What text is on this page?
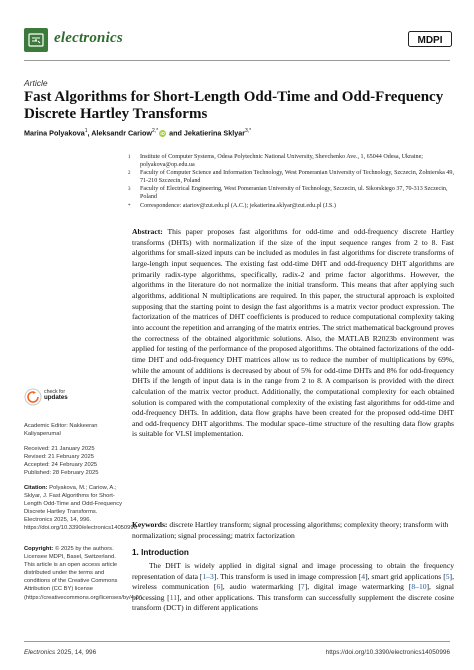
electronics	MDPI
Article
Fast Algorithms for Short-Length Odd-Time and Odd-Frequency Discrete Hartley Transforms
Marina Polyakova$^1$, Aleksandr Cariow$^{2,*}$ iD and Jekatierina Sklyar$^{3,*}$
1	Institute of Computer Systems, Odesa Polytechnic National University, Shevchenko Ave., 1, 65044 Odesa, Ukraine; polyakova@op.edu.ua
2	Faculty of Computer Science and Information Technology, West Pomeranian University of Technology, Szczecin, Żołnierska 49, 71-210 Szczecin, Poland
3	Faculty of Electrical Engineering, West Pomeranian University of Technology, Szczecin, ul. Sikorskiego 37, 70-313 Szczecin, Poland
*	Correspondence: atariov@zut.edu.pl (A.C.); jekatierina.sklyar@zut.edu.pl (J.S.)
Abstract: This paper proposes fast algorithms for odd-time and odd-frequency discrete Hartley transforms (DHTs) with normalization if the size of the input sequence ranges from 2 to 8. Fast algorithms for small-sized inputs can be included as modules in fast algorithms for discrete transforms of large-length input sequences. The existing fast odd-time DHT and odd-frequency DHT algorithms are primarily radix-type algorithms, specifically, radix-2 and prime factor algorithms. However, the algorithms in the literature do not normalize the initial transform. This means that after applying such algorithms, additional N multiplications are required. In this paper, the structural approach is exploited supposing that the starting point to design the fast algorithms is a matrix vector product expression. The factorization of the matrices of DHT coefficients is produced to reduce computational complexity taking into account the repetition and arranging of the matrix entries. The strict mathematical background proves the correctness of the obtained algorithmic solutions. Also, the MATLAB R2023b environment was applied for testing of the performance of the proposed algorithms. The obtained factorizations of the odd-time DHT and odd-frequency DHT matrices allow us to reduce the number of multiplications by 69%, while the amount of additions is decreased by about of 5% for odd-time DHTs and 8% for odd-frequency DHTs if the length of input data is in the range from 2 to 8. A comparison is provided with the direct calculation of the matrix vector product. Additionally, the computational complexity for each obtained solution is compared with the computational complexity of the existing fast algorithms for odd-time and odd-frequency DHTs. In addition, data flow graphs have been created for the proposed odd-time DHT and odd-frequency DHT algorithms. The modular space–time structure of the resulting data flow graphs is suitable for VLSI implementation.
Keywords: discrete Hartley transform; signal processing algorithms; complexity theory; transform with normalization; signal processing; matrix factorization
1. Introduction
The DHT is widely applied in digital signal and image processing to obtain the frequency representation of data [1–3]. This transform is used in image compression [4], smart grid applications [5], wireless communication [6], audio watermarking [7], digital image watermarking [8–10], signal processing [11], and other applications. This transform can successfully supplement the discrete cosine transform (DCT) in different applications
check for
updates
Academic Editor: Nakkeeran Kaliyaperumal
Received: 21 January 2025
Revised: 21 February 2025
Accepted: 24 February 2025
Published: 28 February 2025
Citation: Polyakova, M.; Cariow, A.; Sklyar, J. Fast Algorithms for Short-Length Odd-Time and Odd-Frequency Discrete Hartley Transforms. Electronics 2025, 14, 996. https://doi.org/10.3390/electronics14050996
Copyright: © 2025 by the authors. Licensee MDPI, Basel, Switzerland. This article is an open access article distributed under the terms and conditions of the Creative Commons Attribution (CC BY) license (https://creativecommons.org/licenses/by/4.0/).
Electronics 2025, 14, 996	https://doi.org/10.3390/electronics14050996
